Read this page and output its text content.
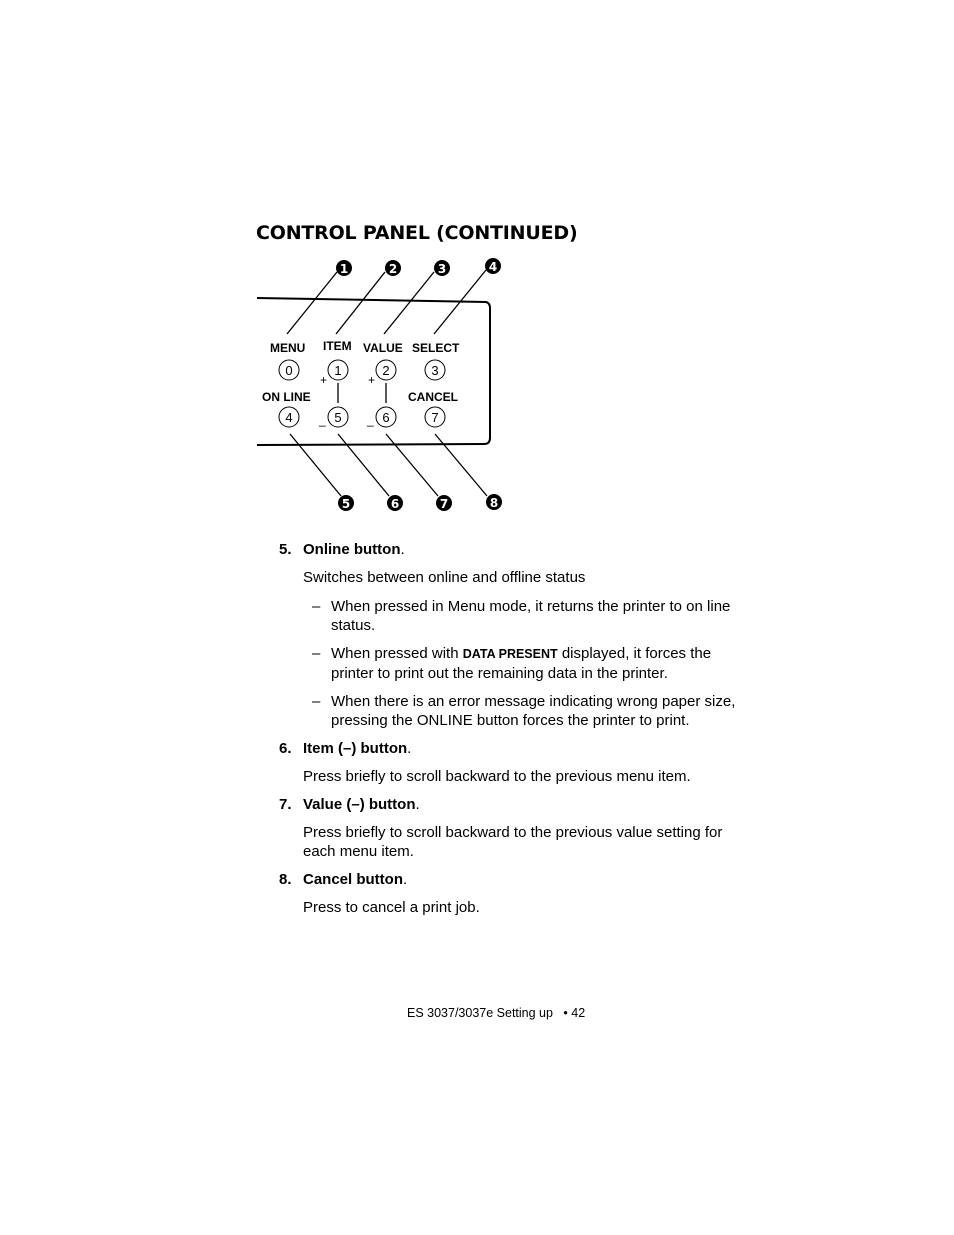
CONTROL PANEL (CONTINUED)
1	2	3	4
5	6	7	8
MENU ITEM VALUE SELECT
ON LINE	CANCEL
0	1	2	3
4	5	6	7
+	+
_	_

5. Online button.

Switches between online and offline status

– When pressed in Menu mode, it returns the printer to on line status.
– When pressed with DATA PRESENT displayed, it forces the printer to print out the remaining data in the printer.
– When there is an error message indicating wrong paper size, pressing the ONLINE button forces the printer to print.

6. Item (–) button.

Press briefly to scroll backward to the previous menu item.

7. Value (–) button.

Press briefly to scroll backward to the previous value setting for each menu item.

8. Cancel button.

Press to cancel a print job.

ES 3037/3037e Setting up • 42
